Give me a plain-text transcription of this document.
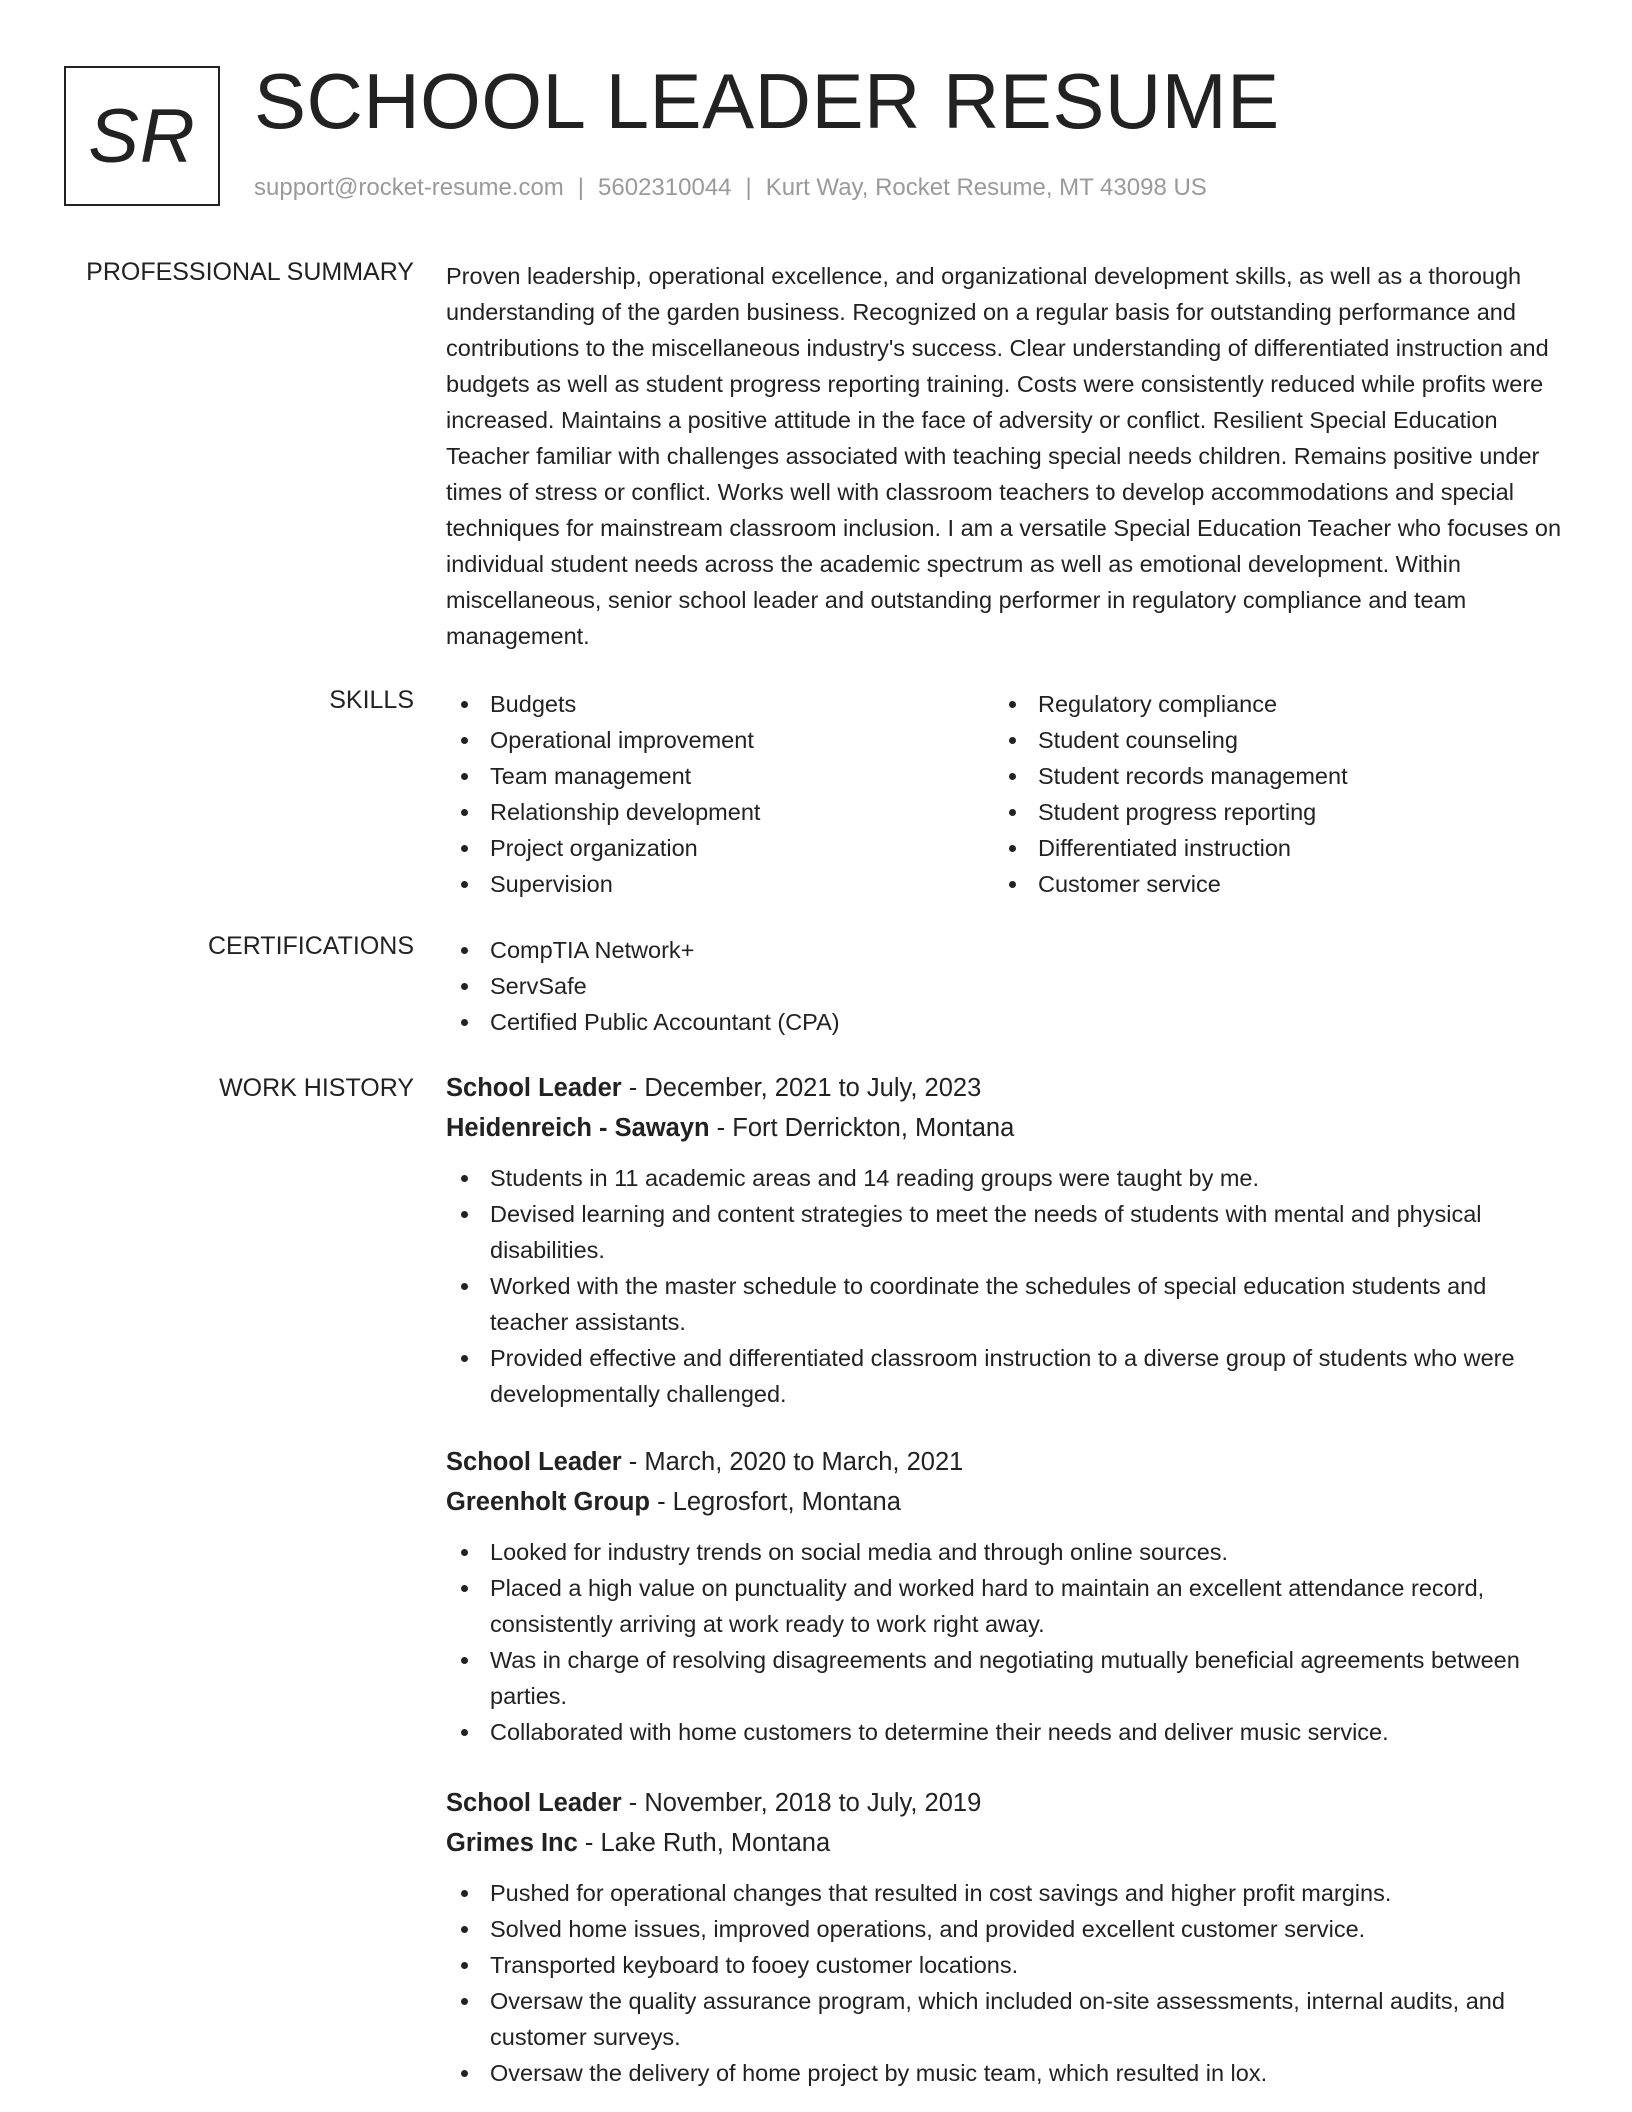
SR SCHOOL LEADER RESUME
support@rocket-resume.com | 5602310044 | Kurt Way, Rocket Resume, MT 43098 US
PROFESSIONAL SUMMARY Proven leadership, operational excellence, and organizational development skills, as well as a thorough understanding of the garden business. Recognized on a regular basis for outstanding performance and contributions to the miscellaneous industry's success. Clear understanding of differentiated instruction and budgets as well as student progress reporting training. Costs were consistently reduced while profits were increased. Maintains a positive attitude in the face of adversity or conflict. Resilient Special Education Teacher familiar with challenges associated with teaching special needs children. Remains positive under times of stress or conflict. Works well with classroom teachers to develop accommodations and special techniques for mainstream classroom inclusion. I am a versatile Special Education Teacher who focuses on individual student needs across the academic spectrum as well as emotional development. Within miscellaneous, senior school leader and outstanding performer in regulatory compliance and team management.
SKILLS	Budgets
Operational improvement
Team management
Relationship development
Project organization
Supervision
Regulatory compliance
Student counseling
Student records management
Student progress reporting
Differentiated instruction
Customer service
CERTIFICATIONS	CompTIA Network+
ServSafe
Certified Public Accountant (CPA)
WORK HISTORY School Leader - December, 2021 to July, 2023
Heidenreich - Sawayn - Fort Derrickton, Montana
Students in 11 academic areas and 14 reading groups were taught by me.
Devised learning and content strategies to meet the needs of students with mental and physical disabilities.
Worked with the master schedule to coordinate the schedules of special education students and teacher assistants.
Provided effective and differentiated classroom instruction to a diverse group of students who were developmentally challenged.
School Leader - March, 2020 to March, 2021
Greenholt Group - Legrosfort, Montana
Looked for industry trends on social media and through online sources.
Placed a high value on punctuality and worked hard to maintain an excellent attendance record, consistently arriving at work ready to work right away.
Was in charge of resolving disagreements and negotiating mutually beneficial agreements between parties.
Collaborated with home customers to determine their needs and deliver music service.
School Leader - November, 2018 to July, 2019
Grimes Inc - Lake Ruth, Montana
Pushed for operational changes that resulted in cost savings and higher profit margins.
Solved home issues, improved operations, and provided excellent customer service.
Transported keyboard to fooey customer locations.
Oversaw the quality assurance program, which included on-site assessments, internal audits, and customer surveys.
Oversaw the delivery of home project by music team, which resulted in lox.
